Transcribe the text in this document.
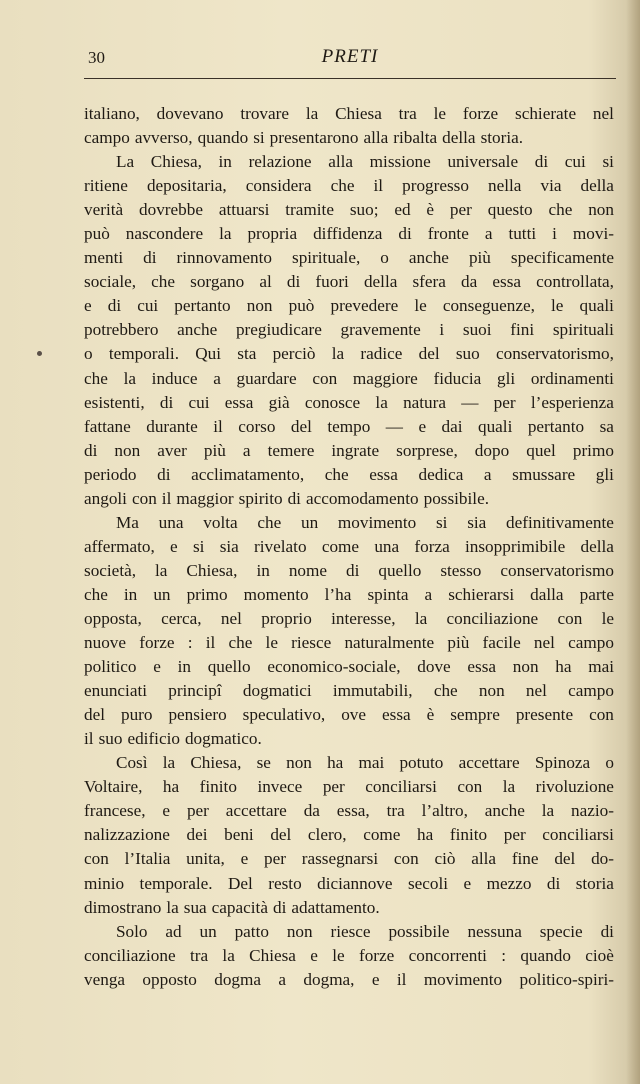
30	PRETI
italiano, dovevano trovare la Chiesa tra le forze schierate nel
campo avverso, quando si presentarono alla ribalta della storia.
La Chiesa, in relazione alla missione universale di cui si
ritiene depositaria, considera che il progresso nella via della
verità dovrebbe attuarsi tramite suo; ed è per questo che non
può nascondere la propria diffidenza di fronte a tutti i movi-
menti di rinnovamento spirituale, o anche più specificamente
sociale, che sorgano al di fuori della sfera da essa controllata,
e di cui pertanto non può prevedere le conseguenze, le quali
potrebbero anche pregiudicare gravemente i suoi fini spirituali
o temporali. Qui sta perciò la radice del suo conservatorismo,
che la induce a guardare con maggiore fiducia gli ordinamenti
esistenti, di cui essa già conosce la natura — per l’esperienza
fattane durante il corso del tempo — e dai quali pertanto sa
di non aver più a temere ingrate sorprese, dopo quel primo
periodo di acclimatamento, che essa dedica a smussare gli
angoli con il maggior spirito di accomodamento possibile.
Ma una volta che un movimento si sia definitivamente
affermato, e si sia rivelato come una forza insopprimibile della
società, la Chiesa, in nome di quello stesso conservatorismo
che in un primo momento l’ha spinta a schierarsi dalla parte
opposta, cerca, nel proprio interesse, la conciliazione con le
nuove forze : il che le riesce naturalmente più facile nel campo
politico e in quello economico-sociale, dove essa non ha mai
enunciati principî dogmatici immutabili, che non nel campo
del puro pensiero speculativo, ove essa è sempre presente con
il suo edificio dogmatico.
Così la Chiesa, se non ha mai potuto accettare Spinoza o
Voltaire, ha finito invece per conciliarsi con la rivoluzione
francese, e per accettare da essa, tra l’altro, anche la nazio-
nalizzazione dei beni del clero, come ha finito per conciliarsi
con l’Italia unita, e per rassegnarsi con ciò alla fine del do-
minio temporale. Del resto diciannove secoli e mezzo di storia
dimostrano la sua capacità di adattamento.
Solo ad un patto non riesce possibile nessuna specie di
conciliazione tra la Chiesa e le forze concorrenti : quando cioè
venga opposto dogma a dogma, e il movimento politico-spiri-
